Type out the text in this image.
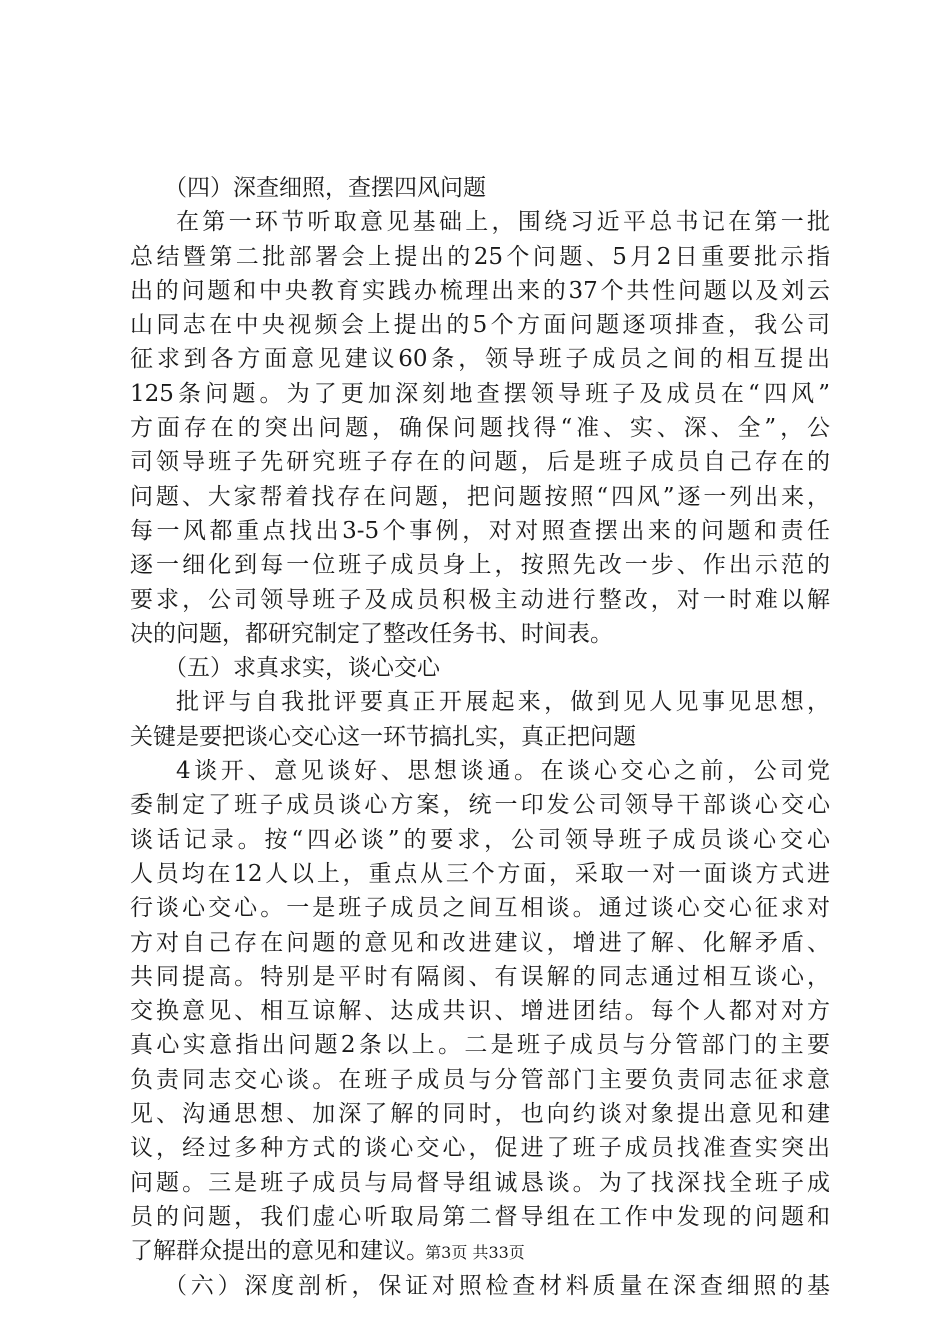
（四）深查细照，查摆四风问题
在第一环节听取意见基础上，围绕习近平总书记在第一批
总结暨第二批部署会上提出的25个问题、5月2日重要批示指
出的问题和中央教育实践办梳理出来的37个共性问题以及刘云
山同志在中央视频会上提出的5个方面问题逐项排查，我公司
征求到各方面意见建议60条，领导班子成员之间的相互提出
125条问题。为了更加深刻地查摆领导班子及成员在“四风”
方面存在的突出问题，确保问题找得“准、实、深、全”，公
司领导班子先研究班子存在的问题，后是班子成员自己存在的
问题、大家帮着找存在问题，把问题按照“四风”逐一列出来，
每一风都重点找出3-5个事例，对对照查摆出来的问题和责任
逐一细化到每一位班子成员身上，按照先改一步、作出示范的
要求，公司领导班子及成员积极主动进行整改，对一时难以解
决的问题，都研究制定了整改任务书、时间表。
（五）求真求实，谈心交心
批评与自我批评要真正开展起来，做到见人见事见思想，
关键是要把谈心交心这一环节搞扎实，真正把问题
4谈开、意见谈好、思想谈通。在谈心交心之前，公司党
委制定了班子成员谈心方案，统一印发公司领导干部谈心交心
谈话记录。按“四必谈”的要求，公司领导班子成员谈心交心
人员均在12人以上，重点从三个方面，采取一对一面谈方式进
行谈心交心。一是班子成员之间互相谈。通过谈心交心征求对
方对自己存在问题的意见和改进建议，增进了解、化解矛盾、
共同提高。特别是平时有隔阂、有误解的同志通过相互谈心，
交换意见、相互谅解、达成共识、增进团结。每个人都对对方
真心实意指出问题2条以上。二是班子成员与分管部门的主要
负责同志交心谈。在班子成员与分管部门主要负责同志征求意
见、沟通思想、加深了解的同时，也向约谈对象提出意见和建
议，经过多种方式的谈心交心，促进了班子成员找准查实突出
问题。三是班子成员与局督导组诚恳谈。为了找深找全班子成
员的问题，我们虚心听取局第二督导组在工作中发现的问题和
了解群众提出的意见和建议。
（六）深度剖析，保证对照检查材料质量在深查细照的基
第3页 共33页
